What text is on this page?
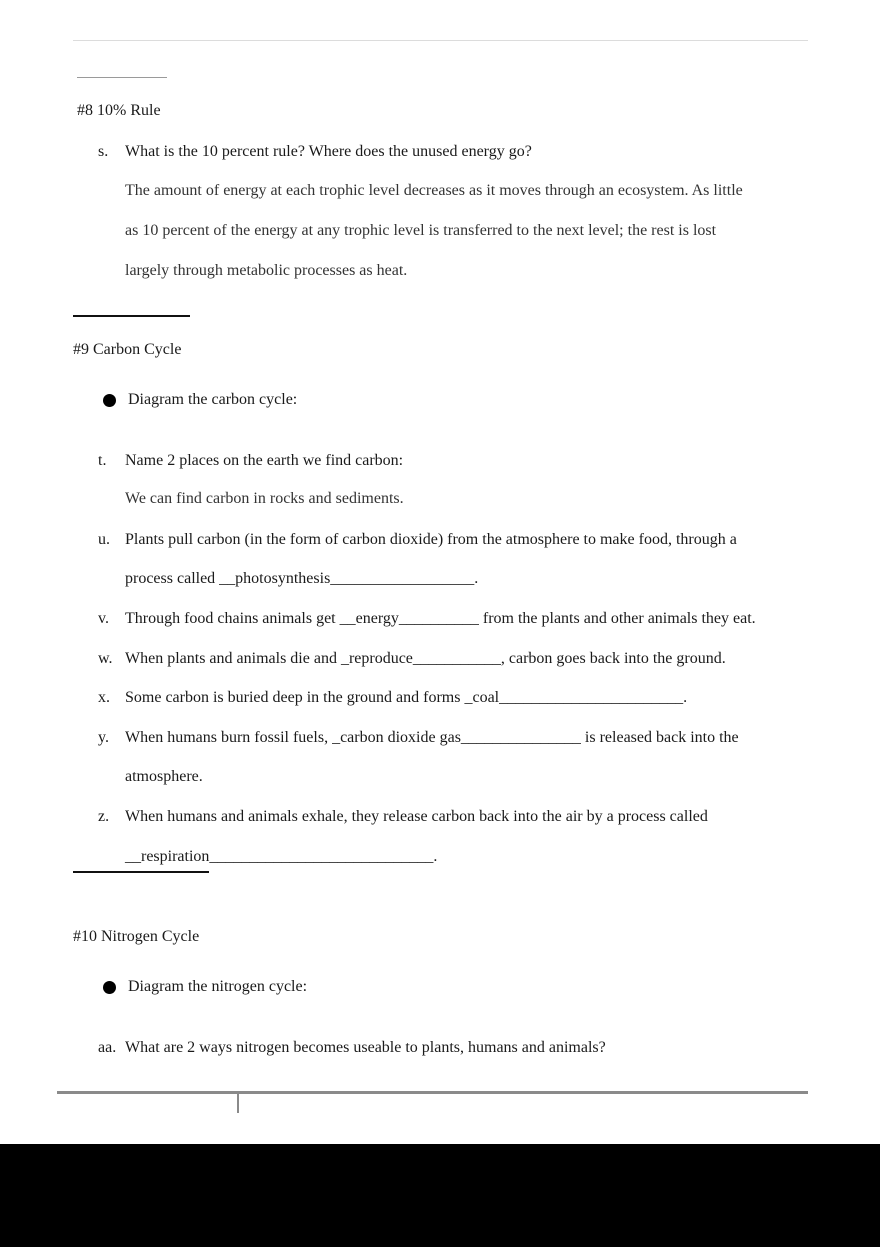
#8 10% Rule
s. What is the 10 percent rule? Where does the unused energy go?
The amount of energy at each trophic level decreases as it moves through an ecosystem. As little
as 10 percent of the energy at any trophic level is transferred to the next level; the rest is lost
largely through metabolic processes as heat.
#9 Carbon Cycle
Diagram the carbon cycle:
t. Name 2 places on the earth we find carbon:
We can find carbon in rocks and sediments.
u. Plants pull carbon (in the form of carbon dioxide) from the atmosphere to make food, through a
process called __photosynthesis__________________.
v. Through food chains animals get __energy__________ from the plants and other animals they eat.
w. When plants and animals die and _reproduce___________, carbon goes back into the ground.
x. Some carbon is buried deep in the ground and forms _coal_______________________.
y. When humans burn fossil fuels, _carbon dioxide gas_______________ is released back into the
atmosphere.
z. When humans and animals exhale, they release carbon back into the air by a process called
__respiration____________________________.
#10 Nitrogen Cycle
Diagram the nitrogen cycle:
aa. What are 2 ways nitrogen becomes useable to plants, humans and animals?
